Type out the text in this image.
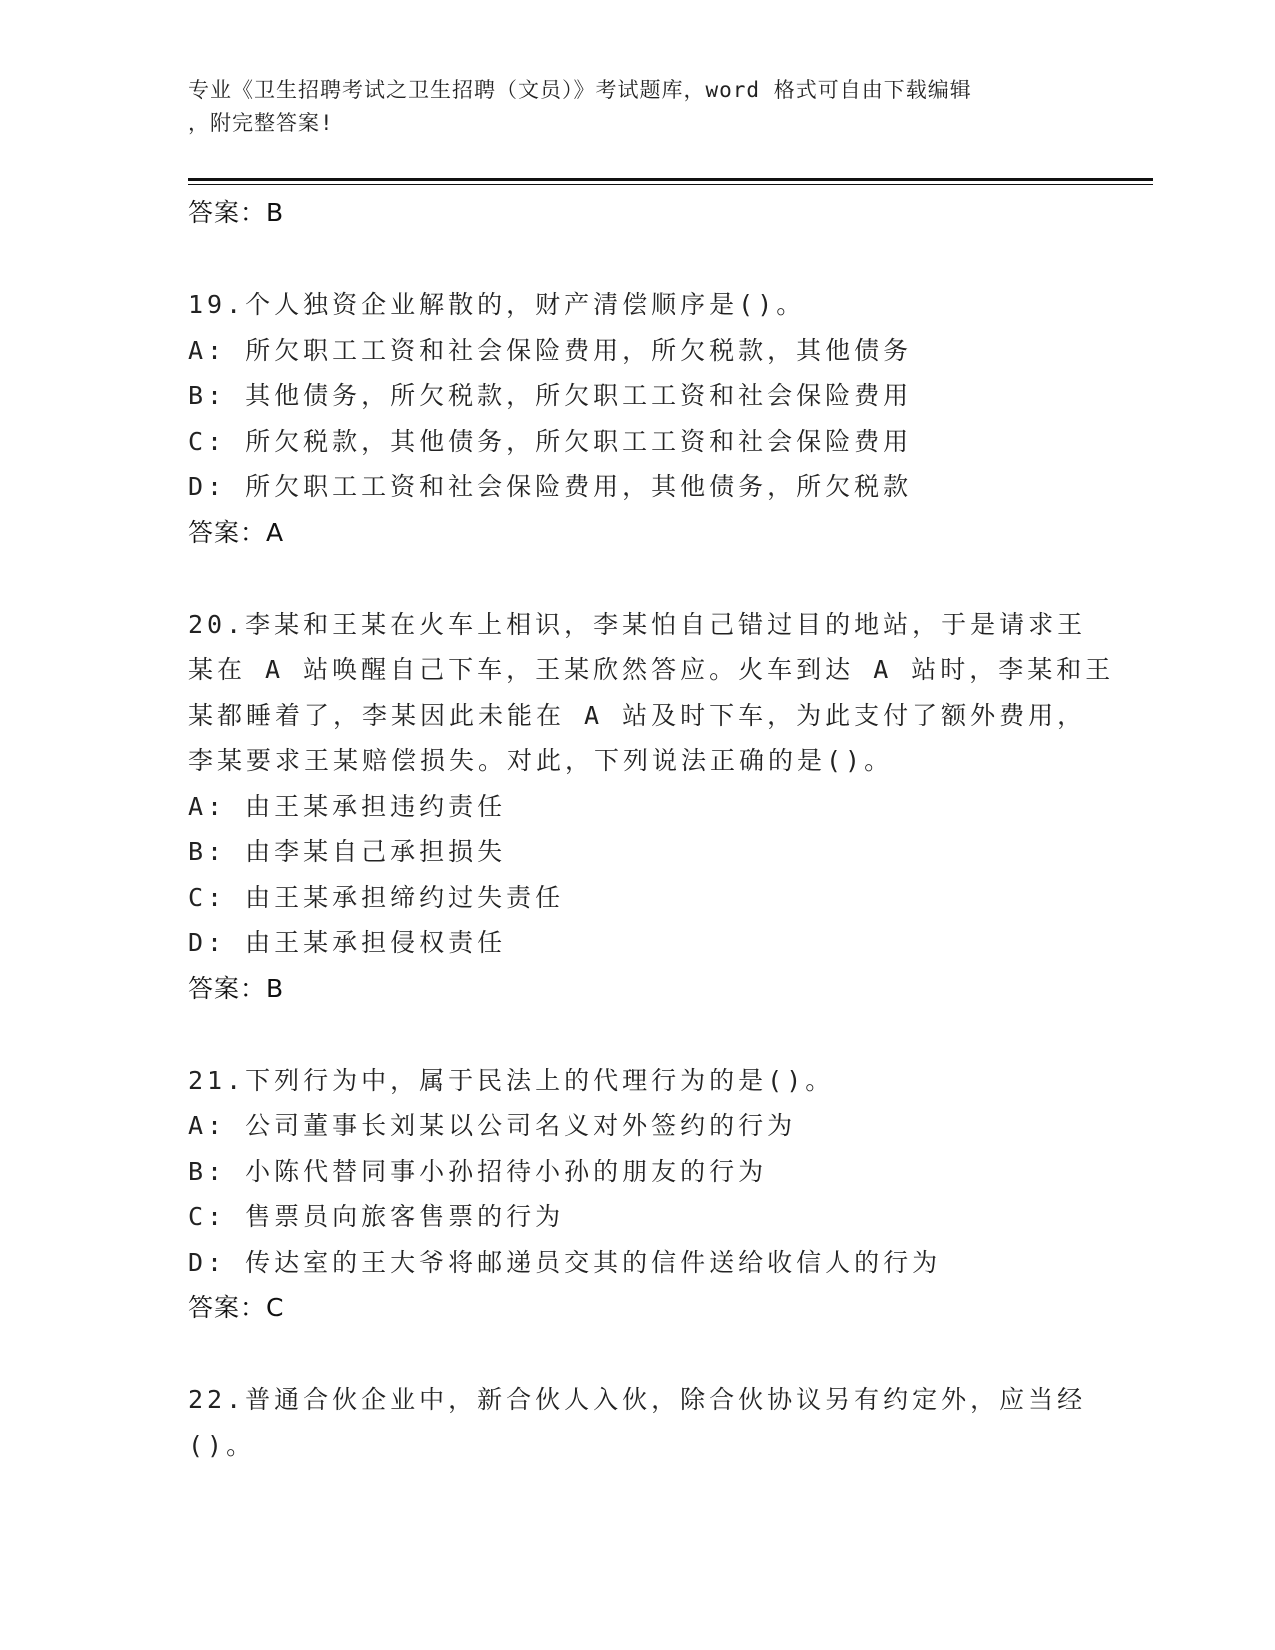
专业《卫生招聘考试之卫生招聘（文员）》考试题库，word 格式可自由下载编辑
，附完整答案!
答案：B
19.个人独资企业解散的，财产清偿顺序是()。
A: 所欠职工工资和社会保险费用，所欠税款，其他债务
B: 其他债务，所欠税款，所欠职工工资和社会保险费用
C: 所欠税款，其他债务，所欠职工工资和社会保险费用
D: 所欠职工工资和社会保险费用，其他债务，所欠税款
答案：A
20.李某和王某在火车上相识，李某怕自己错过目的地站，于是请求王
某在 A 站唤醒自己下车，王某欣然答应。火车到达 A 站时，李某和王
某都睡着了，李某因此未能在 A 站及时下车，为此支付了额外费用，
李某要求王某赔偿损失。对此，下列说法正确的是()。
A: 由王某承担违约责任
B: 由李某自己承担损失
C: 由王某承担缔约过失责任
D: 由王某承担侵权责任
答案：B
21.下列行为中，属于民法上的代理行为的是()。
A: 公司董事长刘某以公司名义对外签约的行为
B: 小陈代替同事小孙招待小孙的朋友的行为
C: 售票员向旅客售票的行为
D: 传达室的王大爷将邮递员交其的信件送给收信人的行为
答案：C
22.普通合伙企业中，新合伙人入伙，除合伙协议另有约定外，应当经
()。
